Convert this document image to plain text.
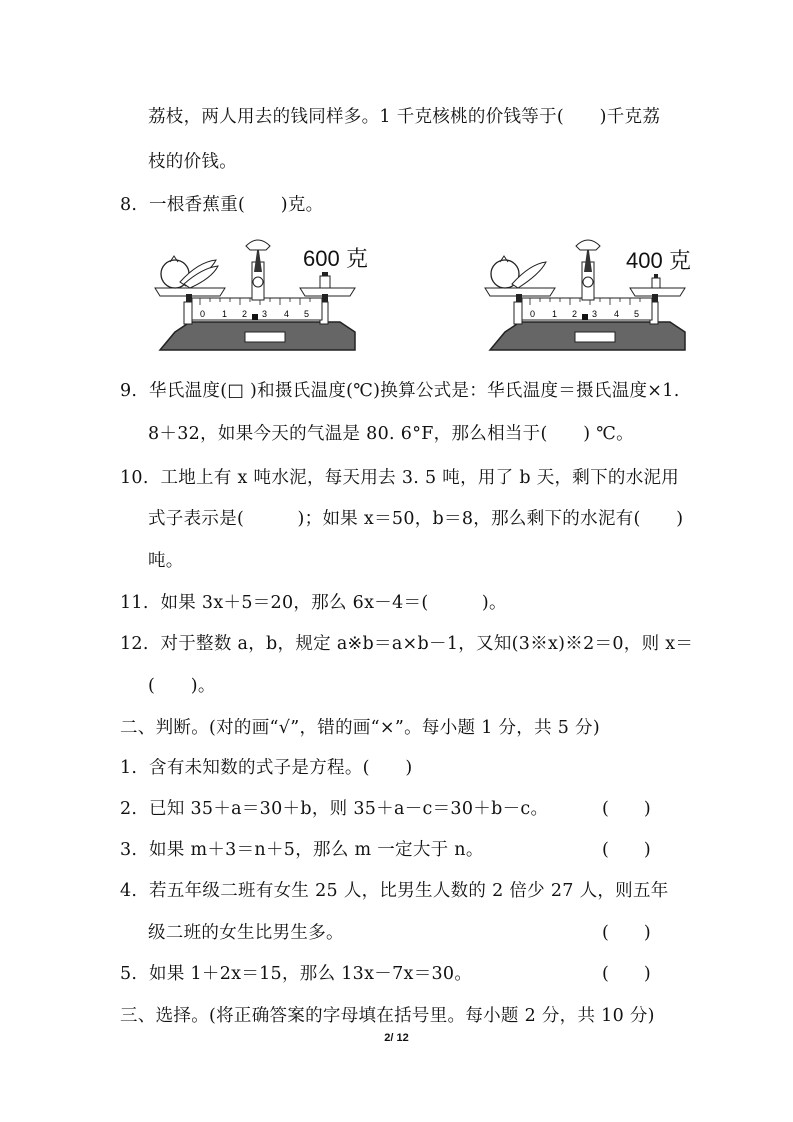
荔枝，两人用去的钱同样多。1 千克核桃的价钱等于(　　)千克荔
枝的价钱。
8.  一根香蕉重(　　)克。
0 1 2 3 4 5
600 克
0 1 2 3 4 5
400 克
9.  华氏温度(□ )和摄氏温度(℃)换算公式是：华氏温度＝摄氏温度×1.
8＋32，如果今天的气温是 80. 6°F，那么相当于(　　) ℃。
10.  工地上有 x 吨水泥，每天用去 3. 5 吨，用了 b 天，剩下的水泥用
式子表示是(　　　)；如果 x＝50，b＝8，那么剩下的水泥有(　　)
吨。
11.  如果 3x＋5＝20，那么 6x－4＝(　　　)。
12.  对于整数 a，b，规定 a※b＝a×b－1，又知(3※x)※2＝0，则 x＝
(　　)。
二、判断。(对的画“√”，错的画“×”。每小题 1 分，共 5 分)
1.  含有未知数的式子是方程。(　　)
2.  已知 35＋a＝30＋b，则 35＋a－c＝30＋b－c。	(　　)
3.  如果 m＋3＝n＋5，那么 m 一定大于 n。	(　　)
4.  若五年级二班有女生 25 人，比男生人数的 2 倍少 27 人，则五年
级二班的女生比男生多。	(　　)
5.  如果 1＋2x＝15，那么 13x－7x＝30。	(　　)
三、选择。(将正确答案的字母填在括号里。每小题 2 分，共 10 分)
2/ 12
